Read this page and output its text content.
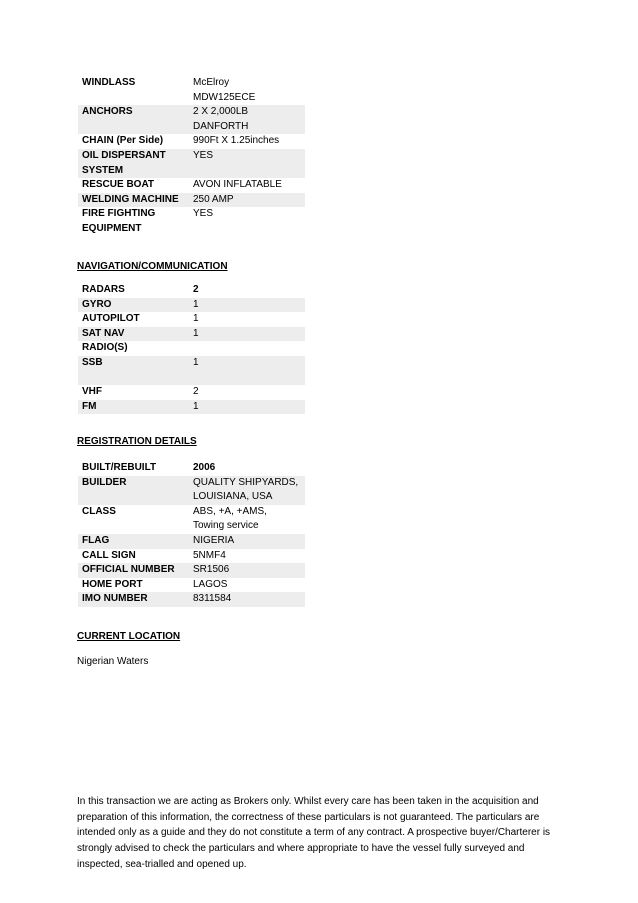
WINDLASS	McElroy
MDW125ECE
ANCHORS	2 X 2,000LB
DANFORTH
CHAIN (Per Side)	990Ft X 1.25inches
OIL DISPERSANT
SYSTEM	YES
RESCUE BOAT	AVON INFLATABLE
WELDING MACHINE	250 AMP
FIRE FIGHTING
EQUIPMENT	YES
NAVIGATION/COMMUNICATION
RADARS	2
GYRO	1
AUTOPILOT	1
SAT NAV	1
RADIO(S)	
SSB	1
VHF	2
FM	1
REGISTRATION DETAILS
BUILT/REBUILT	2006
BUILDER	QUALITY SHIPYARDS,
LOUISIANA, USA
CLASS	ABS, +A, +AMS,
Towing service
FLAG	NIGERIA
CALL SIGN	5NMF4
OFFICIAL NUMBER	SR1506
HOME PORT	LAGOS
IMO NUMBER	8311584
CURRENT LOCATION
Nigerian Waters
In this transaction we are acting as Brokers only. Whilst every care has been taken in the acquisition and preparation of this information, the correctness of these particulars is not guaranteed. The particulars are intended only as a guide and they do not constitute a term of any contract. A prospective buyer/Charterer is strongly advised to check the particulars and where appropriate to have the vessel fully surveyed and inspected, sea-trialled and opened up.
